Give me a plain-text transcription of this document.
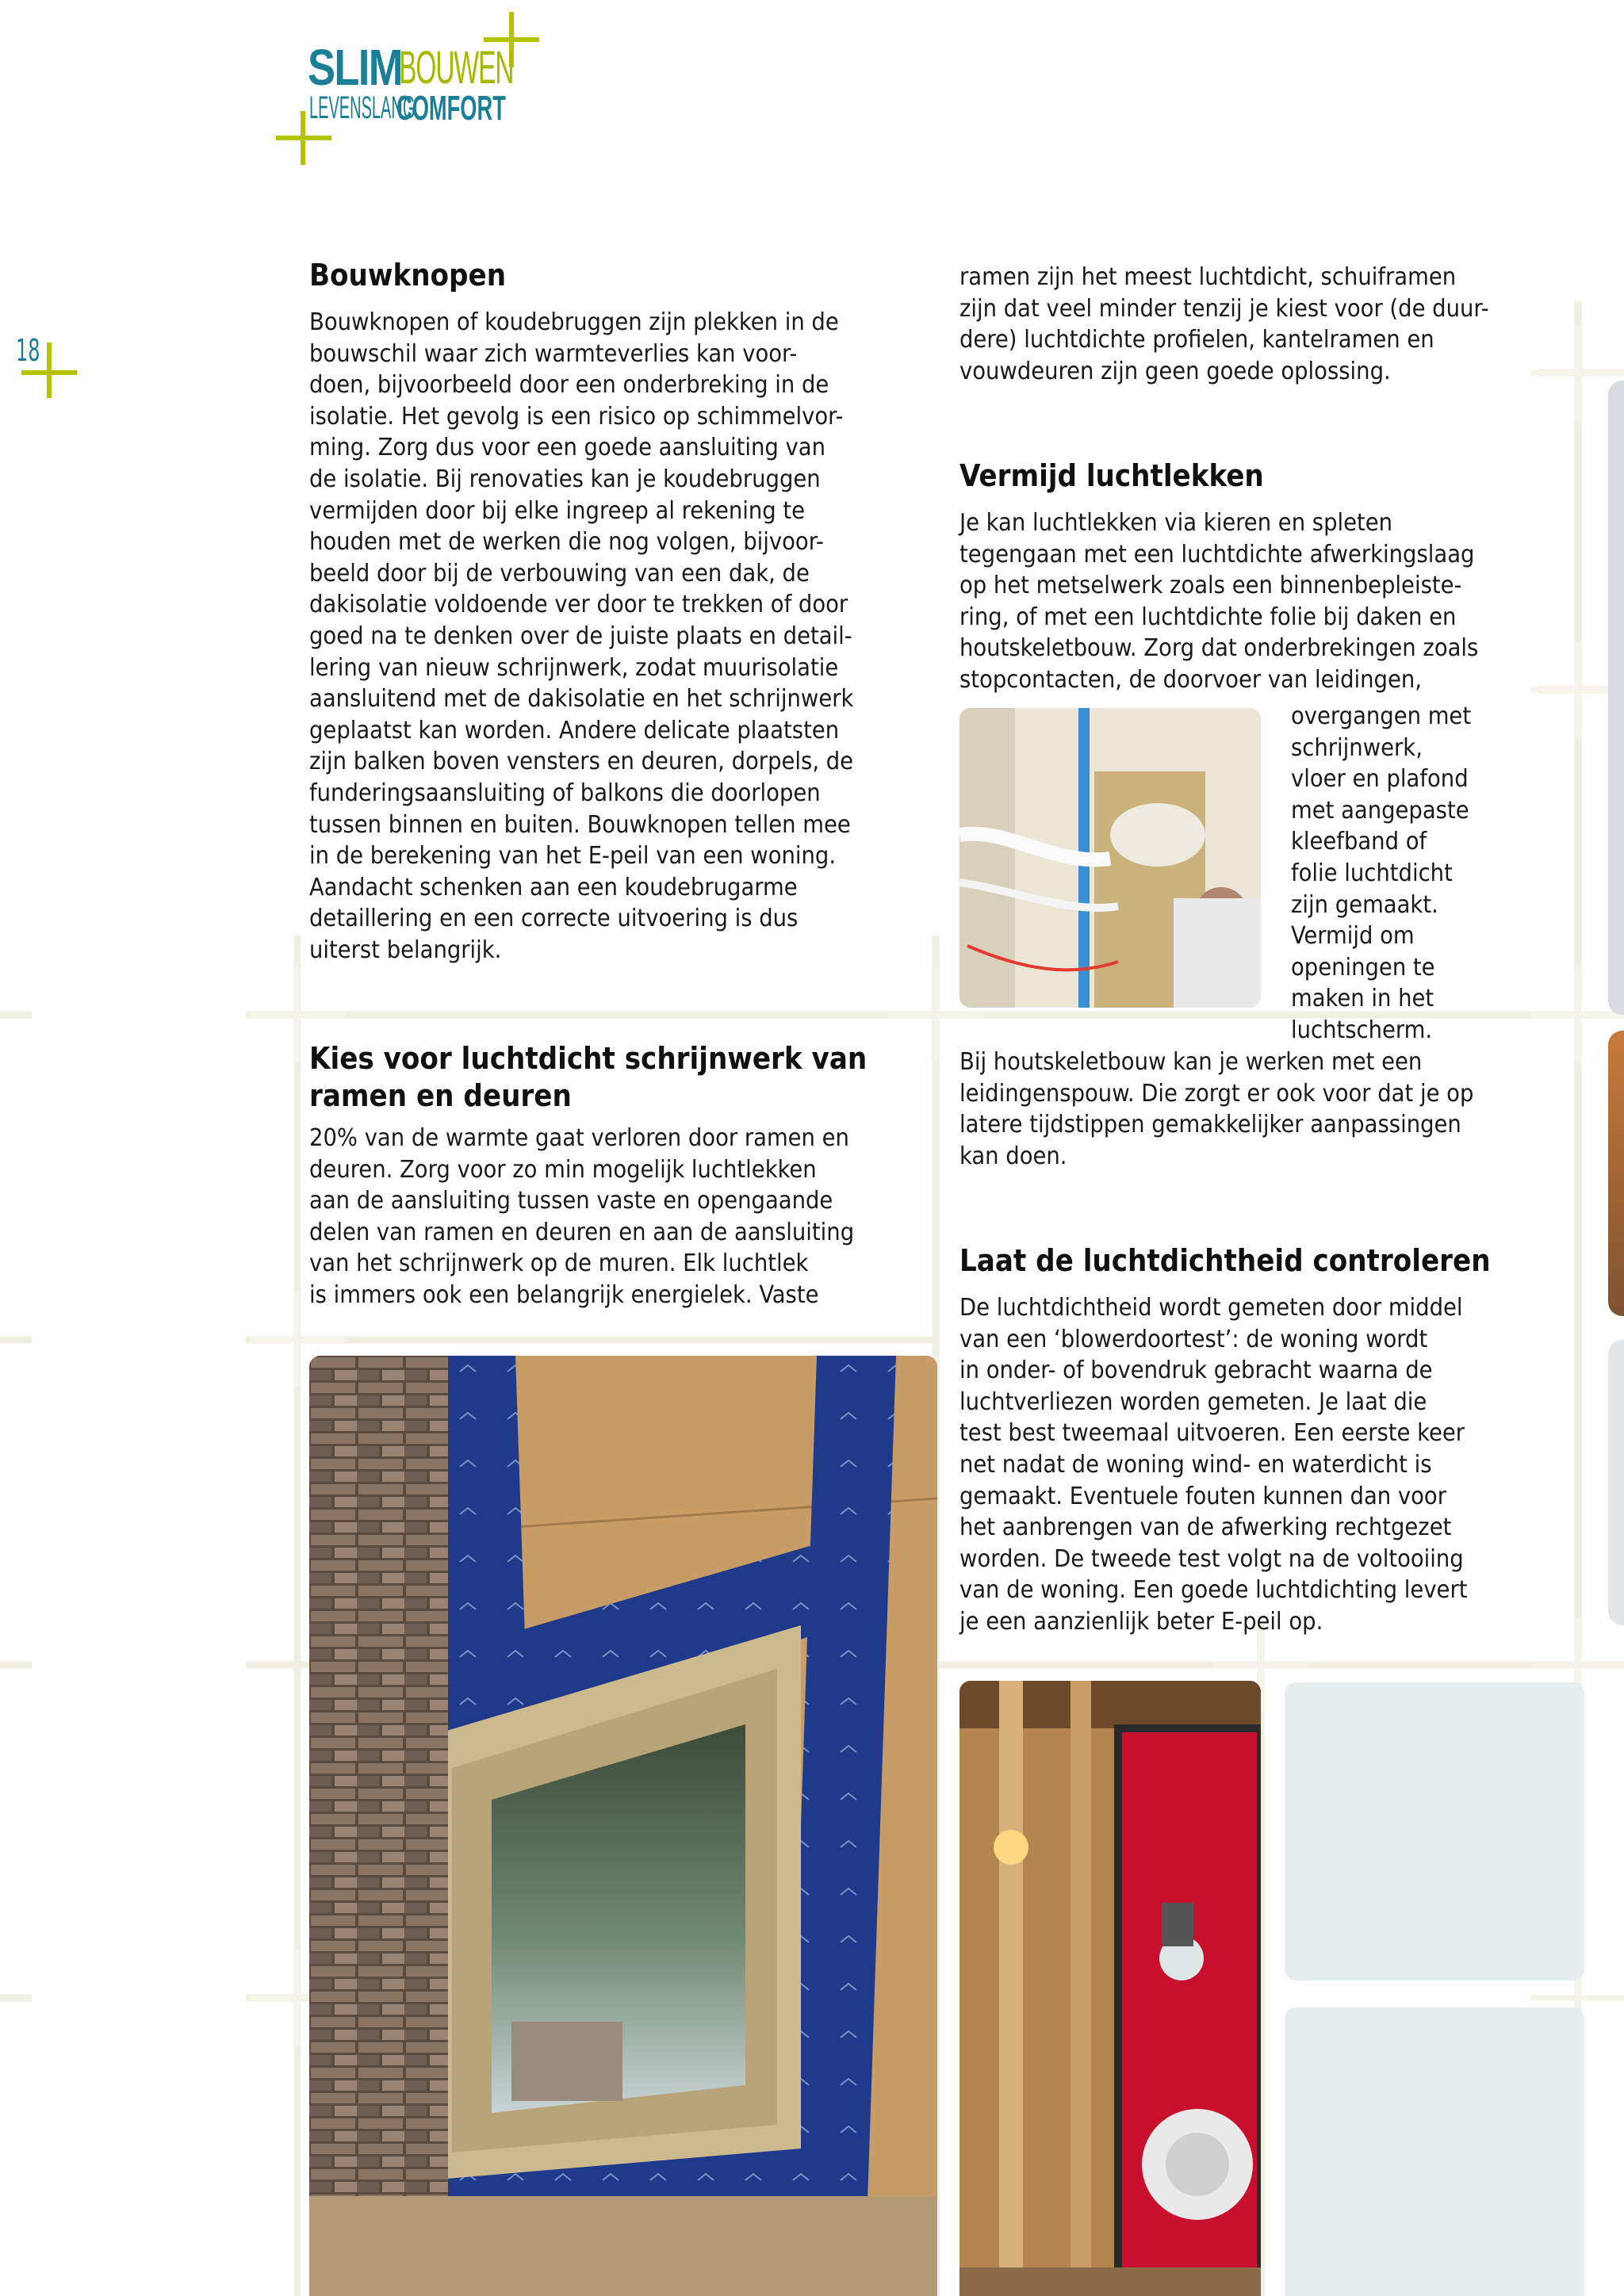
SLIM
BOUWEN
LEVENSLANG
COMFORT
18
Bouwknopen

Bouwknopen of koudebruggen zijn plekken in de
bouwschil waar zich warmteverlies kan voor-
doen, bijvoorbeeld door een onderbreking in de
isolatie. Het gevolg is een risico op schimmelvor-
ming. Zorg dus voor een goede aansluiting van
de isolatie. Bij renovaties kan je koudebruggen
vermijden door bij elke ingreep al rekening te
houden met de werken die nog volgen, bijvoor-
beeld door bij de verbouwing van een dak, de
dakisolatie voldoende ver door te trekken of door
goed na te denken over de juiste plaats en detail-
lering van nieuw schrijnwerk, zodat muurisolatie
aansluitend met de dakisolatie en het schrijnwerk
geplaatst kan worden. Andere delicate plaatsten
zijn balken boven vensters en deuren, dorpels, de
funderingsaansluiting of balkons die doorlopen
tussen binnen en buiten. Bouwknopen tellen mee
in de berekening van het E-peil van een woning.
Aandacht schenken aan een koudebrugarme
detaillering en een correcte uitvoering is dus
uiterst belangrijk.

Kies voor luchtdicht schrijnwerk van
ramen en deuren

20% van de warmte gaat verloren door ramen en
deuren. Zorg voor zo min mogelijk luchtlekken
aan de aansluiting tussen vaste en opengaande
delen van ramen en deuren en aan de aansluiting
van het schrijnwerk op de muren. Elk luchtlek
is immers ook een belangrijk energielek. Vaste

ramen zijn het meest luchtdicht, schuiframen
zijn dat veel minder tenzij je kiest voor (de duur-
dere) luchtdichte profielen, kantelramen en
vouwdeuren zijn geen goede oplossing.

Vermijd luchtlekken

Je kan luchtlekken via kieren en spleten
tegengaan met een luchtdichte afwerkingslaag
op het metselwerk zoals een binnenbepleiste-
ring, of met een luchtdichte folie bij daken en
houtskeletbouw. Zorg dat onderbrekingen zoals
stopcontacten, de doorvoer van leidingen,

overgangen met
schrijnwerk,
vloer en plafond
met aangepaste
kleefband of
folie luchtdicht
zijn gemaakt.
Vermijd om
openingen te
maken in het
luchtscherm.

Bij houtskeletbouw kan je werken met een
leidingenspouw. Die zorgt er ook voor dat je op
latere tijdstippen gemakkelijker aanpassingen
kan doen.

Laat de luchtdichtheid controleren

De luchtdichtheid wordt gemeten door middel
van een ‘blowerdoortest’: de woning wordt
in onder- of bovendruk gebracht waarna de
luchtverliezen worden gemeten. Je laat die
test best tweemaal uitvoeren. Een eerste keer
net nadat de woning wind- en waterdicht is
gemaakt. Eventuele fouten kunnen dan voor
het aanbrengen van de afwerking rechtgezet
worden. De tweede test volgt na de voltooiing
van de woning. Een goede luchtdichting levert
je een aanzienlijk beter E-peil op.
